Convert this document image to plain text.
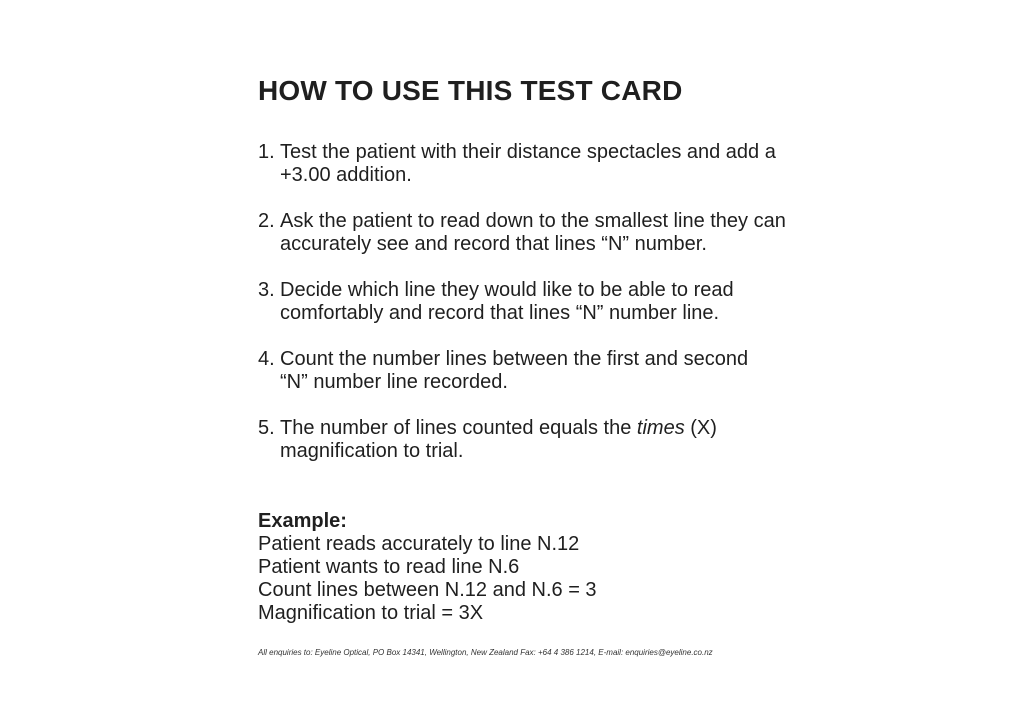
HOW TO USE THIS TEST CARD
1. Test the patient with their distance spectacles and add a
+3.00 addition.
2. Ask the patient to read down to the smallest line they can
accurately see and record that lines “N” number.
3. Decide which line they would like to be able to read
comfortably and record that lines “N” number line.
4. Count the number lines between the first and second
“N” number line recorded.
5. The number of lines counted equals the times (X)
magnification to trial.
Example:
Patient reads accurately to line N.12
Patient wants to read line N.6
Count lines between N.12 and N.6 = 3
Magnification to trial = 3X
All enquiries to: Eyeline Optical, PO Box 14341, Wellington, New Zealand Fax: +64 4 386 1214, E-mail: enquiries@eyeline.co.nz
